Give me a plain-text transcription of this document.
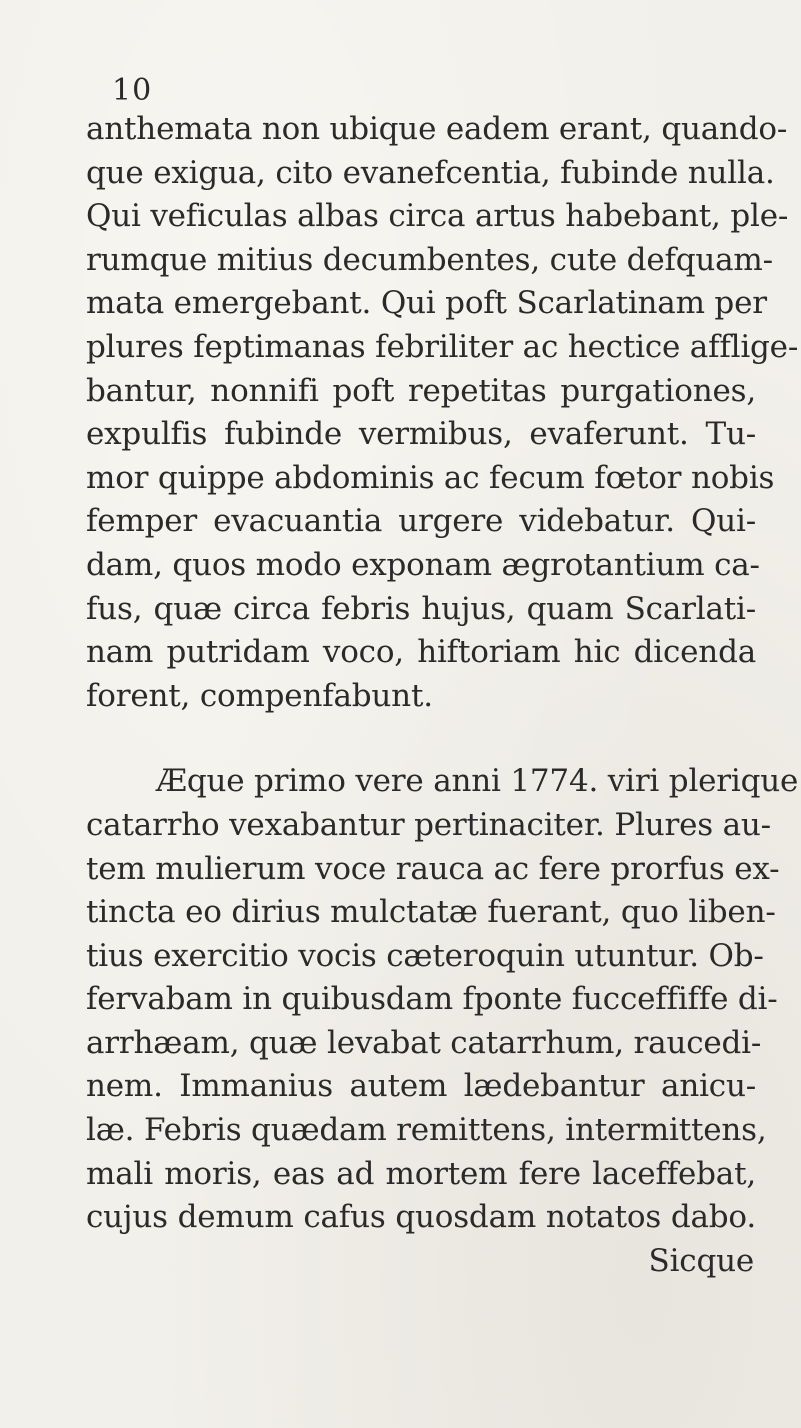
10
anthemata non ubique eadem erant, quando-
que exigua, cito evanefcentia, fubinde nulla.
Qui veficulas albas circa artus habebant, ple-
rumque mitius decumbentes, cute defquam-
mata emergebant. Qui poft Scarlatinam per
plures feptimanas febriliter ac hectice afflige-
bantur, nonnifi poft repetitas purgationes,
expulfis fubinde vermibus, evaferunt. Tu-
mor quippe abdominis ac fecum fœtor nobis
femper evacuantia urgere videbatur. Qui-
dam, quos modo exponam ægrotantium ca-
fus, quæ circa febris hujus, quam Scarlati-
nam putridam voco, hiftoriam hic dicenda
forent, compenfabunt.
Æque primo vere anni 1774. viri plerique
catarrho vexabantur pertinaciter. Plures au-
tem mulierum voce rauca ac fere prorfus ex-
tincta eo dirius mulctatæ fuerant, quo liben-
tius exercitio vocis cæteroquin utuntur. Ob-
fervabam in quibusdam fponte fucceffiffe di-
arrhæam, quæ levabat catarrhum, raucedi-
nem. Immanius autem lædebantur anicu-
læ. Febris quædam remittens, intermittens,
mali moris, eas ad mortem fere laceffebat,
cujus demum cafus quosdam notatos dabo.
Sicque
